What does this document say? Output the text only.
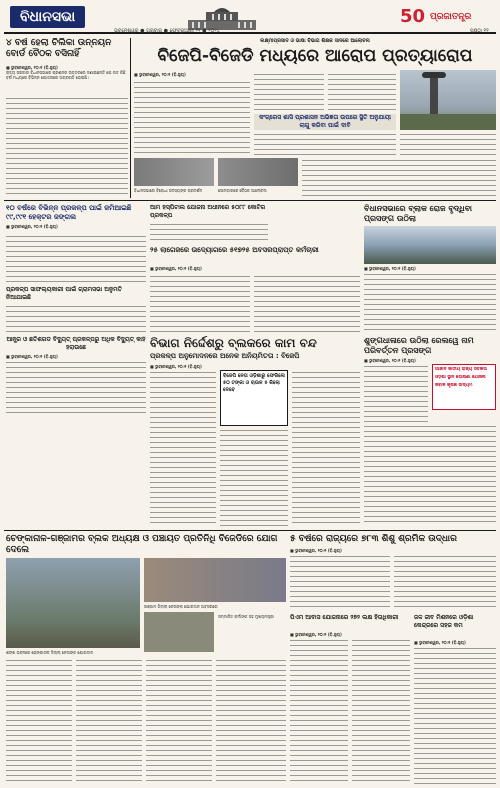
ବିଧାନସଭା
ଭୁବନେଶ୍ୱର ● ଗୁରୁବାର ● ଫେବ୍ରୁଆରୀ ୨୧ ● ୨୦୨୪
50 ପ୍ରଜାତନ୍ତ୍ର
ପୃଷ୍ଠା ୧୧
୪ ବର୍ଷ ହେଲା ଚିଲିକା ଉନ୍ନୟନ ବୋର୍ଡ ବୈଠକ ବସିନାହିଁ
■ ଭୁବନେଶ୍ୱର, ୨୦।୨ (ବି.ନ୍ୟୁ)
ରାଜ୍ୟ ସରକାର ବିଧାନସଭାରେ ପ୍ରଶ୍ନର ଉତ୍ତରରେ ଜଣାଇଛନ୍ତି ଯେ ଗତ କିଛି ବର୍ଷ ମଧ୍ୟରେ ବିଭିନ୍ନ ଯୋଜନାରେ ଅଗ୍ରଗତି ହୋଇଛି।
ଲକ୍ଷ୍ମୀପ୍ରସାଦ ଓ ଭାଷା ବିଭାଗ ଶିକ୍ଷକ ସାଦରେ ଆଲୋଚନା
ବିଜେପି-ବିଜେଡି ମଧ୍ୟରେ ଆରୋପ ପ୍ରତ୍ୟାରୋପ
■ ଭୁବନେଶ୍ୱର, ୨୦।୨ (ବି.ନ୍ୟୁ)
କଂଗ୍ରେସ ଶାସି ପ୍ରଶାସନ ଅଭିଜ୍ଞତା ଉପରେ ସ୍ଥିତି ଅନୁଯାୟୀ ଲାଗୁ କରିବା ପାଇଁ ଦାବି
ବିଧାନସଭାରେ ବିରୋଧୀ ସଦସ୍ୟଙ୍କ ପ୍ରଦର୍ଶନ	ସୋମବାରରେ ବୈଠକ ଆଲୋଚନା
୧୦ ବର୍ଷରେ ବିଭିନ୍ନ ପ୍ରକଳ୍ପ ପାଇଁ ଜମିଆଇଛି ୯୯,୯୯୧ ହେକ୍ଟର ଜଙ୍ଗଲ
■ ଭୁବନେଶ୍ୱର, ୨୦।୨ (ବି.ନ୍ୟୁ)
ପ୍ରକଳ୍ପ ସାଫଲ୍ୟକାରୀ ପାଇଁ ଗ୍ରାମସଭା ଅନୁମତି ନିଆଯାଇଛି
ଆମ ହସ୍ପିଟାଲ ଯୋଜନା ଅଧୀନରେ ୫୦୮୮ କୋଟିର ପ୍ରକଳ୍ପ
୨୫ ଲାଗେଜରେ ଉଦ୍ୟୋଗରେ ୫୧୭୨୫ ଅବସରପ୍ରାପ୍ତ କର୍ମଚାରୀ
■ ଭୁବନେଶ୍ୱର, ୨୦।୨ (ବି.ନ୍ୟୁ)
ବିଧାନସଭାରେ ବ୍ଲାକ ରୋଜ ବୃଦ୍ଧିବା ପ୍ରସଙ୍ଗ ଉଠିଲା
■ ଭୁବନେଶ୍ୱର, ୨୦।୨ (ବି.ନ୍ୟୁ)
ଆନ୍ଧ୍ର ଓ ଛତିଶଗଡ ବିଦ୍ୟୁତ୍ ପ୍ରକଳ୍ପରୁ ଅଧିକ ବିଦ୍ୟୁତ୍ କାହିଁ ହରାଉଛେ
■ ଭୁବନେଶ୍ୱର, ୨୦।୨ (ବି.ନ୍ୟୁ)
ବିଭାଗ ନିର୍ଦ୍ଦେଶରୁ ବ୍ଲକରେ କାମ ବନ୍ଦ
ପ୍ରକଳ୍ପ ଅନୁମୋଦନରେ ଅନେକ ଅନିୟମିତତା : ବିଜେପି
■ ଭୁବନେଶ୍ୱର, ୨୦।୨ (ବି.ନ୍ୟୁ)
ବିଜେପି ନେତା ଓଡ଼ିଶାରୁ ଫେରିଲେ ୫୦ ଟଙ୍କା ଓ ଚାଉଳ ୫ କିଲୋ ଦେବେ
ଶୁଙ୍ଗଧାଳାରେ ଉଠିଲା ରେଲୱେ ନାମ ପରିବର୍ତ୍ତନ ପ୍ରସଙ୍ଗ
■ ଭୁବନେଶ୍ୱର, ୨୦।୨ (ବି.ନ୍ୟୁ)
ଆଜାଦ ଜାତୀୟ ରାଜ୍ୟ ସତର୍କତା
ଓଡ଼ିଶା ସ୍ଥାନ ଘୋଷଣା ଯୋଜନା
ଜିବାଳ କୃଷକ ଉଦ୍ୟମ
ଚେଙ୍କାନାଳ-ଗଞ୍ଜାମର ବ୍ଲକ ଅଧ୍ୟକ୍ଷ ଓ ପଞ୍ଚାୟତ ପ୍ରତିନିଧି ବିଜେଡିରେ ଯୋଗ ଦେଲେ
ଶଙ୍ଖ ଭବନରେ ଢେଙ୍କାନାଳ ଜିଲ୍ଲା ନେତାଙ୍କ ଯୋଗଦାନ
ଗଞ୍ଜାମ ଜିଲ୍ଲା ନେତାଙ୍କ ଯୋଗଦାନ ଅବସରରେ
ସମ୍ମାନିତ କର୍ମୀଙ୍କ ସହ ମୁଖ୍ୟମନ୍ତ୍ରୀ
୫ ବର୍ଷରେ ରାଜ୍ୟରେ ୭୮୩ ଶିଶୁ ଶ୍ରମିକ ଉଦ୍ଧାର
■ ଭୁବନେଶ୍ୱର, ୨୦।୨ (ବି.ନ୍ୟୁ)
ପିଏମ ଆବାସ ଯୋଜନାରେ ୨୭୨ ଲକ୍ଷ ହିତାଧିକାରୀ
■ ଭୁବନେଶ୍ୱର, ୨୦।୨ (ବି.ନ୍ୟୁ)
ଜଳ ଜୀବ ମିଶନରେ ଓଡ଼ିଶା କେନ୍ଦ୍ରରେ ସହଜ କମ
■ ଭୁବନେଶ୍ୱର, ୨୦।୨ (ବି.ନ୍ୟୁ)
